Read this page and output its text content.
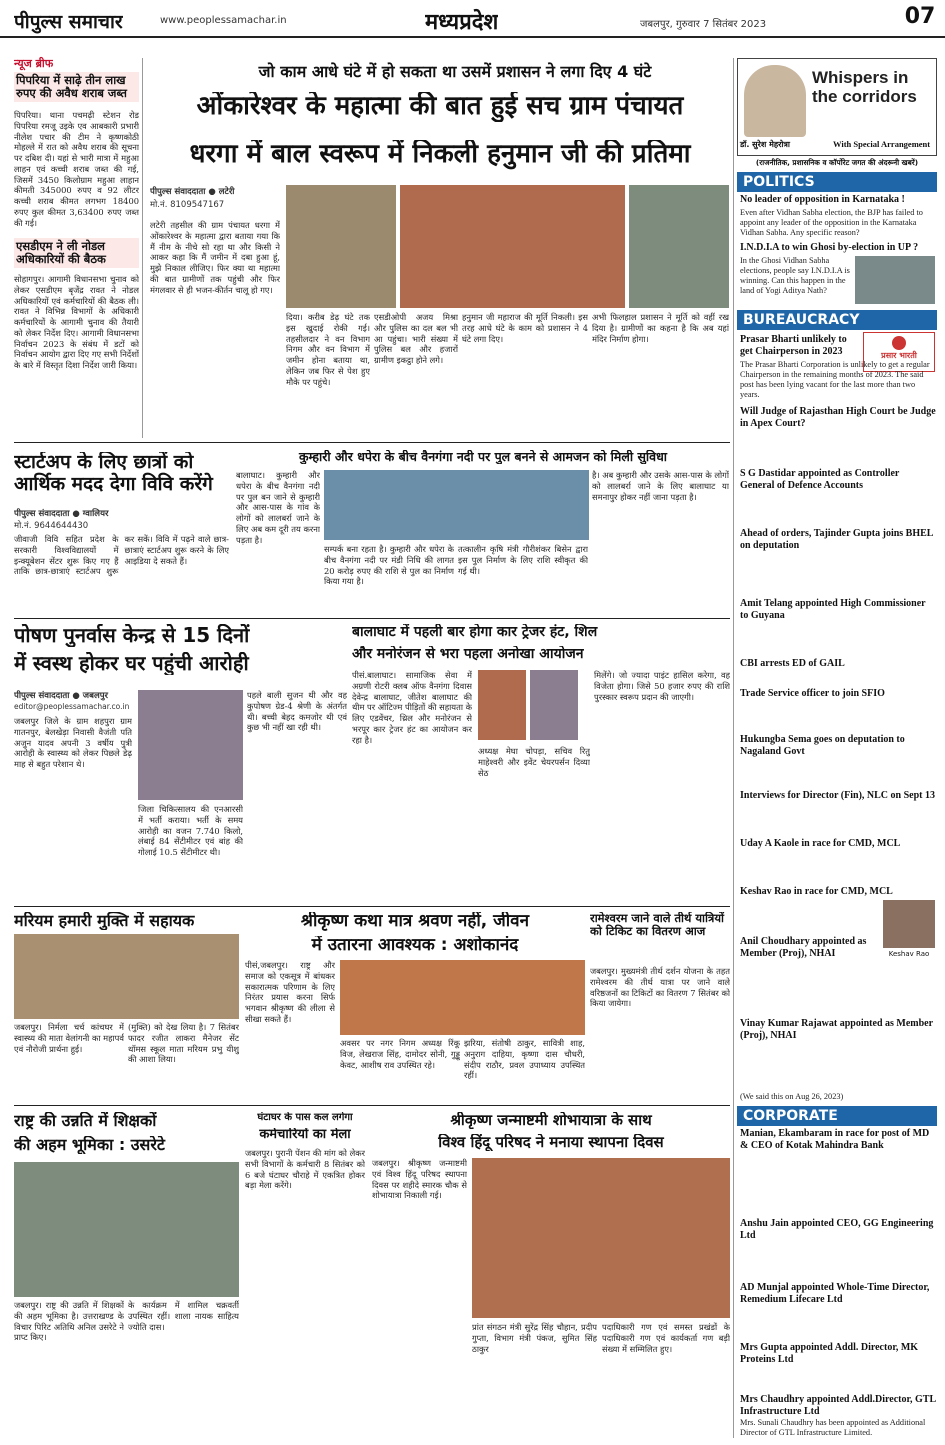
पीपुल्स समाचार	www.peoplessamachar.in	मध्यप्रदेश	जबलपुर, गुरुवार 7 सितंबर 2023	07
न्यूज ब्रीफ
पिपरिया में साढ़े तीन लाख रुपए की अवैध शराब जब्त
पिपरिया। थाना पचमढ़ी स्टेशन रोड पिपरिया रमजू उइके एव आबकारी प्रभारी नीलेश पचार की टीम ने कृष्णकोठी मोहल्ले में रात को अवैध शराब की सूचना पर दबिश दी। यहां से भारी मात्रा में महुआ लाहन एवं कच्ची शराब जब्त की गई, जिसमें 3450 किलोग्राम महुआ लाहान कीमती 345000 रुपए व 92 लीटर कच्ची शराब कीमत लगभग 18400 रुपए कुल कीमत 3,63400 रुपए जब्त की गई।
एसडीएम ने ली नोडल अधिकारियों की बैठक
सोहागपुर। आगामी विधानसभा चुनाव को लेकर एसडीएम बृजेंद्र रावत ने नोडल अधिकारियों एवं कर्मचारियों की बैठक ली। रावत ने विभिन्न विभागों के अधिकारी कर्मचारियों के आगामी चुनाव की तैयारी को लेकर निर्देश दिए। आगामी विधानसभा निर्वाचन 2023 के संबंध में डटों को निर्वाचन आयोग द्वारा दिए गए सभी निर्देशों के बारे में विस्तृत दिशा निर्देश जारी किया।
जो काम आधे घंटे में हो सकता था उसमें प्रशासन ने लगा दिए 4 घंटे
ओंकारेश्वर के महात्मा की बात हुई सच ग्राम पंचायत
धरगा में बाल स्वरूप में निकली हनुमान जी की प्रतिमा
पीपुल्स संवाददाता ● लटेरी
मो.नं. 8109547167
लटेरी तहसील की ग्राम पंचायत धरगा में ओंकारेश्वर के महात्मा द्वारा बताया गया कि मैं नीम के नीचे सो रहा था और किसी ने आकर कहा कि मैं जमीन में दबा हुआ हूं, मुझे निकाल लीजिए। फिर क्या था महात्मा की बात ग्रामीणों तक पहुंची और फिर मंगलवार से ही भजन-कीर्तन चालू हो गए।
दिया। करीब डेढ़ घंटे तक इस खुदाई रोकी गई। तहसीलदार ने वन विभाग निगम और वन विभाग में जमीन होना बताया था, लेकिन जब फिर से पेश हुए मौके पर पहुंचे।
एसडीओपी अजय मिश्रा और पुलिस का दल बल भी आ पहुंचा। भारी संख्या में पुलिस बल और हजारों ग्रामीण इकट्ठा होने लगे।
हनुमान जी महाराज की मूर्ति निकली। इस तरह आधे घंटे के काम को प्रशासन ने 4 घंटे लगा दिए।
अभी फिलहाल प्रशासन ने मूर्ति को वहीं रख दिया है। ग्रामीणों का कहना है कि अब यहां मंदिर निर्माण होगा।
स्टार्टअप के लिए छात्रों को आर्थिक मदद देगा विवि करेंगे
पीपुल्स संवाददाता ● ग्वालियर
मो.नं. 9644644430
जीवाजी विवि सहित प्रदेश के सरकारी विश्वविद्यालयों में इन्क्यूबेशन सेंटर शुरू किए गए हैं ताकि छात्र-छात्राएं स्टार्टअप शुरू कर सकें। विवि में पढ़ने वाले छात्र-छात्राएं स्टार्टअप शुरू करने के लिए आइडिया दे सकते हैं।
कुम्हारी और धपेरा के बीच वैनगंगा नदी पर पुल बनने से आमजन को मिली सुविधा
बालाघाट। कुम्हारी और धपेरा के बीच वैनगंगा नदी पर पुल बन जाने से कुम्हारी और आस-पास के गांव के लोगों को लालबर्रा जाने के लिए अब कम दूरी तय करना पड़ता है।
सम्पर्क बना रहता है। कुम्हारी और धपेरा के बीच वैनगंगा नदी पर मंडी निधि की लागत 20 करोड़ रुपए की राशि से पुल का निर्माण किया गया है।
तत्कालीन कृषि मंत्री गौरीशंकर बिसेन द्वारा इस पुल निर्माण के लिए राशि स्वीकृत की गई थी।
है। अब कुम्हारी और उसके आस-पास के लोगों को लालबर्रा जाने के लिए बालाघाट या समनापुर होकर नहीं जाना पड़ता है।
पोषण पुनर्वास केन्द्र से 15 दिनों
में स्वस्थ होकर घर पहुंची आरोही
पीपुल्स संवाददाता ● जबलपुर
editor@peoplessamachar.co.in
जबलपुर जिले के ग्राम शहपुरा ग्राम गातनपुर, बेलखेड़ा निवासी वैजंती पति अजुन यादव अपनी 3 वर्षीय पुत्री आरोही के स्वास्थ्य को लेकर पिछले डेढ़ माह से बहुत परेशान थे।
जिला चिकित्सालय की एनआरसी में भर्ती कराया। भर्ती के समय आरोही का वजन 7.740 किलो, लंबाई 84 सेंटीमीटर एवं बांह की गोलाई 10.5 सेंटीमीटर थी।
पहले बाली सुजन थी और वह कुपोषण ग्रेड-4 श्रेणी के अंतर्गत थी। बच्ची बेहद कमजोर थी एवं कुछ भी नहीं खा रही थी।
बालाघाट में पहली बार होगा कार ट्रेजर हंट, शिल
और मनोरंजन से भरा पहला अनोखा आयोजन
पीसं.बालाघाट। सामाजिक सेवा में अग्रणी रोटरी क्लब ऑफ वैनगंगा दिवास देवेन्द्र बालाघाट, जीतेश बालाघाट की थीम पर ऑटिज्म पीड़ितों की सहायता के लिए एडवेंचर, थ्रिल और मनोरंजन से भरपूर कार ट्रेजर हंट का आयोजन कर रहा है।
अध्यक्ष मेघा चोपड़ा, सचिव रितु माहेश्वरी और इवेंट चेयरपर्सन दिव्या सेठ
मिलेंगे। जो ज्यादा पाइंट हासिल करेगा, वह विजेता होगा। जिसे 50 हजार रुपए की राशि पुरस्कार स्वरूप प्रदान की जाएगी।
मरियम हमारी मुक्ति में सहायक
जबलपुर। निर्मला चर्च कांचघर में स्वास्थ्य की माता वेलांगनी का महापर्व एवं नौरोजी प्रार्थना हुई।
(मुक्ति) को देख लिया है। 7 सितंबर फादर रजीत लाकरा मैनेजर सेंट थॉमस स्कूल माता मरियम प्रभु यीशु की आशा लिया।
श्रीकृष्ण कथा मात्र श्रवण नहीं, जीवन
में उतारना आवश्यक : अशोकानंद
पीसं,जबलपुर। राष्ट्र और समाज को एकसूत्र में बांधकर सकारात्मक परिणाम के लिए निरंतर प्रयास करना सिर्फ भगवान श्रीकृष्ण की लीला से सीखा सकते हैं।
अवसर पर नगर निगम अध्यक्ष रिंकू विज, लेखराज सिंह, दामोदर सोनी, गुड्डू केवट, आशीष राव उपस्थित रहे।
झरिया, संतोषी ठाकुर, सावित्री शाह, अनुराग दाहिया, कृष्णा दास चौधरी, संदीप राठौर, प्रवल उपाध्याय उपस्थित रहीं।
रामेश्वरम जाने वाले तीर्थ यात्रियों को टिकिट का वितरण आज
जबलपुर। मुख्यमंत्री तीर्थ दर्शन योजना के तहत रामेश्वरम की तीर्थ यात्रा पर जाने वाले वरिष्ठजनों का टिकिटों का वितरण 7 सितंबर को किया जायेगा।
राष्ट्र की उन्नति में शिक्षकों
की अहम भूमिका : उसरेटे
जबलपुर। राष्ट्र की उन्नति में शिक्षकों की अहम भूमिका है। उत्तराखण्ड के विचार पिरिट अतिथि अनिल उसरेटे ने प्राप्ट किए।
के कार्यक्रम में शामिल चक्रवर्ती उपस्थित रहीं। शाला नायक साहित्य ज्योति दास।
घंटाघर के पास कल लगेगा
कर्मचारियों का मेला
जबलपुर। पुरानी पेंशन की मांग को लेकर सभी विभागों के कर्मचारी 8 सितंबर को 6 बजे घंटाघर चौराहे में एकत्रित होकर बड़ा मेला करेंगे।
श्रीकृष्ण जन्माष्टमी शोभायात्रा के साथ
विश्व हिंदू परिषद ने मनाया स्थापना दिवस
जबलपुर। श्रीकृष्ण जन्माष्टमी एवं विश्व हिंदू परिषद स्थापना दिवस पर शहीदे स्मारक चौक से शोभायात्रा निकाली गई।
प्रांत संगठन मंत्री सुरेंद्र सिंह चौहान, प्रदीप गुप्ता, विभाग मंत्री पंकज, सुमित सिंह ठाकुर
पदाधिकारी गण एवं समस्त प्रखंडों के पदाधिकारी गण एवं कार्यकर्ता गण बड़ी संख्या में सम्मिलित हुए।
Whispers in the corridors
डॉ. सुरेश मेहरोत्रा	With Special Arrangement
(राजनीतिक, प्रशासनिक व कॉर्पोरेट जगत की अंदरूनी खबरें)
POLITICS
No leader of opposition in Karnataka !
Even after Vidhan Sabha election, the BJP has failed to appoint any leader of the opposition in the Karnataka Vidhan Sabha. Any specific reason?
I.N.D.I.A to win Ghosi by-election in UP ?
In the Ghosi Vidhan Sabha elections, people say I.N.D.I.A is winning. Can this happen in the land of Yogi Aditya Nath?
BUREAUCRACY
Prasar Bharti unlikely to get Chairperson in 2023	प्रसार भारती
The Prasar Bharti Corporation is unlikely to get a regular Chairperson in the remaining months of 2023. The said post has been lying vacant for the last more than two years.
Will Judge of Rajasthan High Court be Judge in Apex Court?
S G Dastidar appointed as Controller General of Defence Accounts
Ahead of orders, Tajinder Gupta joins BHEL on deputation
Amit Telang appointed High Commissioner to Guyana
CBI arrests ED of GAIL
Trade Service officer to join SFIO
Hukungba Sema goes on deputation to Nagaland Govt
Interviews for Director (Fin), NLC on Sept 13
Uday A Kaole in race for CMD, MCL
Keshav Rao in race for CMD, MCL
Keshav Rao
Anil Choudhary appointed as Member (Proj), NHAI
Vinay Kumar Rajawat appointed as Member (Proj), NHAI
(We said this on Aug 26, 2023)
CORPORATE
Manian, Ekambaram in race for post of MD & CEO of Kotak Mahindra Bank
Anshu Jain appointed CEO, GG Engineering Ltd
AD Munjal appointed Whole-Time Director, Remedium Lifecare Ltd
Mrs Gupta appointed Addl. Director, MK Proteins Ltd
Mrs Chaudhry appointed Addl.Director, GTL Infrastructure Ltd
Mrs. Sunali Chaudhry has been appointed as Additional Director of GTL Infrastructure Limited.
